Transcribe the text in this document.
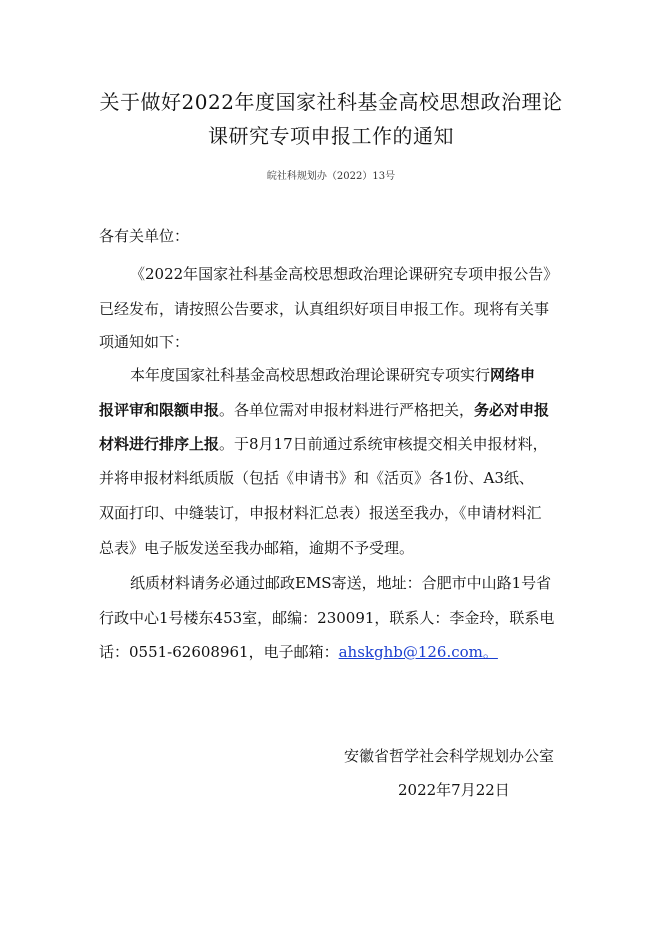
关于做好2022年度国家社科基金高校思想政治理论
课研究专项申报工作的通知
皖社科规划办（2022）13号
各有关单位：
《2022年国家社科基金高校思想政治理论课研究专项申报公告》
已经发布，请按照公告要求，认真组织好项目申报工作。现将有关事
项通知如下：
本年度国家社科基金高校思想政治理论课研究专项实行网络申
报评审和限额申报。各单位需对申报材料进行严格把关，务必对申报
材料进行排序上报。于8月17日前通过系统审核提交相关申报材料，
并将申报材料纸质版（包括《申请书》和《活页》各1份、A3纸、
双面打印、中缝装订，申报材料汇总表）报送至我办，《申请材料汇
总表》电子版发送至我办邮箱，逾期不予受理。
纸质材料请务必通过邮政EMS寄送，地址：合肥市中山路1号省
行政中心1号楼东453室，邮编：230091，联系人：李金玲，联系电
话：0551-62608961，电子邮箱：ahskghb@126.com。
安徽省哲学社会科学规划办公室
2022年7月22日
